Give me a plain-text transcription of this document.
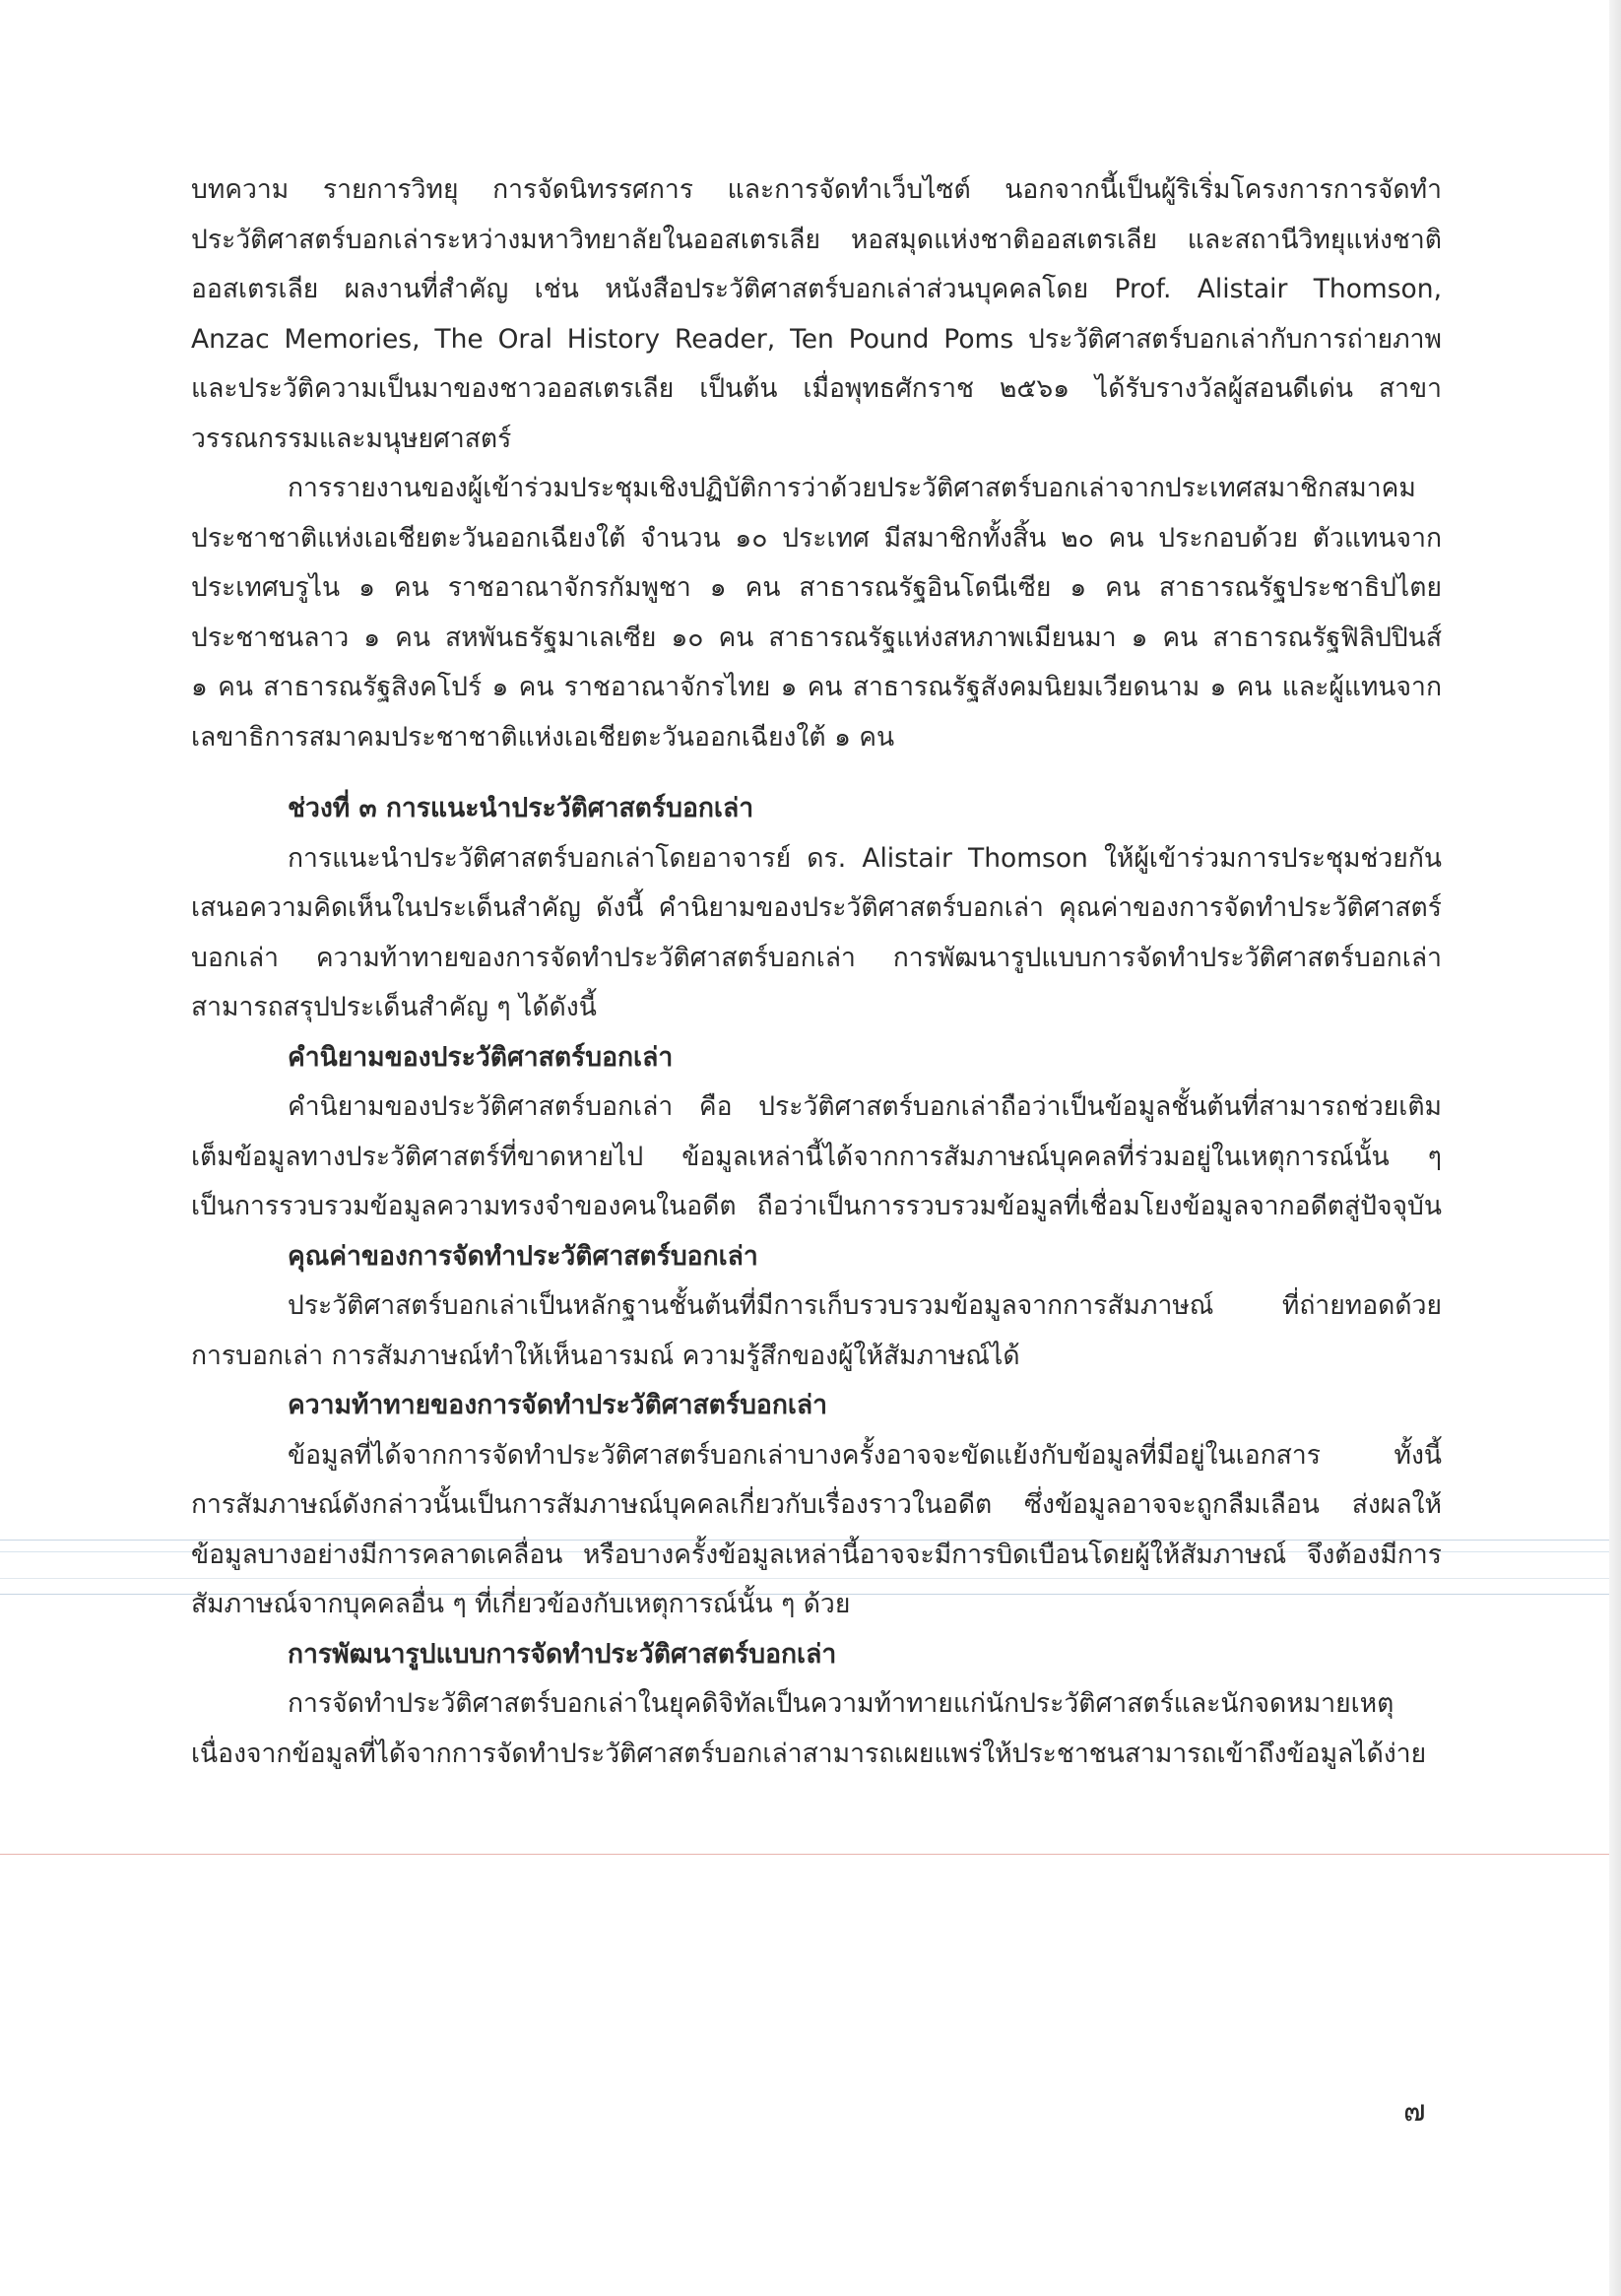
บทความ รายการวิทยุ การจัดนิทรรศการ และการจัดทำเว็บไซต์ นอกจากนี้เป็นผู้ริเริ่มโครงการการจัดทำ
ประวัติศาสตร์บอกเล่าระหว่างมหาวิทยาลัยในออสเตรเลีย หอสมุดแห่งชาติออสเตรเลีย และสถานีวิทยุแห่งชาติ
ออสเตรเลีย ผลงานที่สำคัญ เช่น หนังสือประวัติศาสตร์บอกเล่าส่วนบุคคลโดย Prof. Alistair Thomson,
Anzac Memories, The Oral History Reader, Ten Pound Poms ประวัติศาสตร์บอกเล่ากับการถ่ายภาพ
และประวัติความเป็นมาของชาวออสเตรเลีย เป็นต้น เมื่อพุทธศักราช ๒๕๖๑ ได้รับรางวัลผู้สอนดีเด่น สาขา
วรรณกรรมและมนุษยศาสตร์
การรายงานของผู้เข้าร่วมประชุมเชิงปฏิบัติการว่าด้วยประวัติศาสตร์บอกเล่าจากประเทศสมาชิกสมาคม
ประชาชาติแห่งเอเชียตะวันออกเฉียงใต้ จำนวน ๑๐ ประเทศ มีสมาชิกทั้งสิ้น ๒๐ คน ประกอบด้วย ตัวแทนจาก
ประเทศบรูไน ๑ คน ราชอาณาจักรกัมพูชา ๑ คน สาธารณรัฐอินโดนีเซีย ๑ คน สาธารณรัฐประชาธิปไตย
ประชาชนลาว ๑ คน สหพันธรัฐมาเลเซีย ๑๐ คน สาธารณรัฐแห่งสหภาพเมียนมา ๑ คน สาธารณรัฐฟิลิปปินส์
๑ คน สาธารณรัฐสิงคโปร์ ๑ คน ราชอาณาจักรไทย ๑ คน สาธารณรัฐสังคมนิยมเวียดนาม ๑ คน และผู้แทนจาก
เลขาธิการสมาคมประชาชาติแห่งเอเชียตะวันออกเฉียงใต้ ๑ คน
ช่วงที่ ๓ การแนะนำประวัติศาสตร์บอกเล่า
การแนะนำประวัติศาสตร์บอกเล่าโดยอาจารย์ ดร. Alistair Thomson ให้ผู้เข้าร่วมการประชุมช่วยกัน
เสนอความคิดเห็นในประเด็นสำคัญ ดังนี้ คำนิยามของประวัติศาสตร์บอกเล่า คุณค่าของการจัดทำประวัติศาสตร์
บอกเล่า ความท้าทายของการจัดทำประวัติศาสตร์บอกเล่า การพัฒนารูปแบบการจัดทำประวัติศาสตร์บอกเล่า
สามารถสรุปประเด็นสำคัญ ๆ ได้ดังนี้
คำนิยามของประวัติศาสตร์บอกเล่า
คำนิยามของประวัติศาสตร์บอกเล่า คือ ประวัติศาสตร์บอกเล่าถือว่าเป็นข้อมูลชั้นต้นที่สามารถช่วยเติม
เต็มข้อมูลทางประวัติศาสตร์ที่ขาดหายไป ข้อมูลเหล่านี้ได้จากการสัมภาษณ์บุคคลที่ร่วมอยู่ในเหตุการณ์นั้น ๆ
เป็นการรวบรวมข้อมูลความทรงจำของคนในอดีต ถือว่าเป็นการรวบรวมข้อมูลที่เชื่อมโยงข้อมูลจากอดีตสู่ปัจจุบัน
คุณค่าของการจัดทำประวัติศาสตร์บอกเล่า
ประวัติศาสตร์บอกเล่าเป็นหลักฐานชั้นต้นที่มีการเก็บรวบรวมข้อมูลจากการสัมภาษณ์ ที่ถ่ายทอดด้วย
การบอกเล่า การสัมภาษณ์ทำให้เห็นอารมณ์ ความรู้สึกของผู้ให้สัมภาษณ์ได้
ความท้าทายของการจัดทำประวัติศาสตร์บอกเล่า
ข้อมูลที่ได้จากการจัดทำประวัติศาสตร์บอกเล่าบางครั้งอาจจะขัดแย้งกับข้อมูลที่มีอยู่ในเอกสาร ทั้งนี้
การสัมภาษณ์ดังกล่าวนั้นเป็นการสัมภาษณ์บุคคลเกี่ยวกับเรื่องราวในอดีต ซึ่งข้อมูลอาจจะถูกลืมเลือน ส่งผลให้
ข้อมูลบางอย่างมีการคลาดเคลื่อน หรือบางครั้งข้อมูลเหล่านี้อาจจะมีการบิดเบือนโดยผู้ให้สัมภาษณ์ จึงต้องมีการ
สัมภาษณ์จากบุคคลอื่น ๆ ที่เกี่ยวข้องกับเหตุการณ์นั้น ๆ ด้วย
การพัฒนารูปแบบการจัดทำประวัติศาสตร์บอกเล่า
การจัดทำประวัติศาสตร์บอกเล่าในยุคดิจิทัลเป็นความท้าทายแก่นักประวัติศาสตร์และนักจดหมายเหตุ
เนื่องจากข้อมูลที่ได้จากการจัดทำประวัติศาสตร์บอกเล่าสามารถเผยแพร่ให้ประชาชนสามารถเข้าถึงข้อมูลได้ง่าย
๗
